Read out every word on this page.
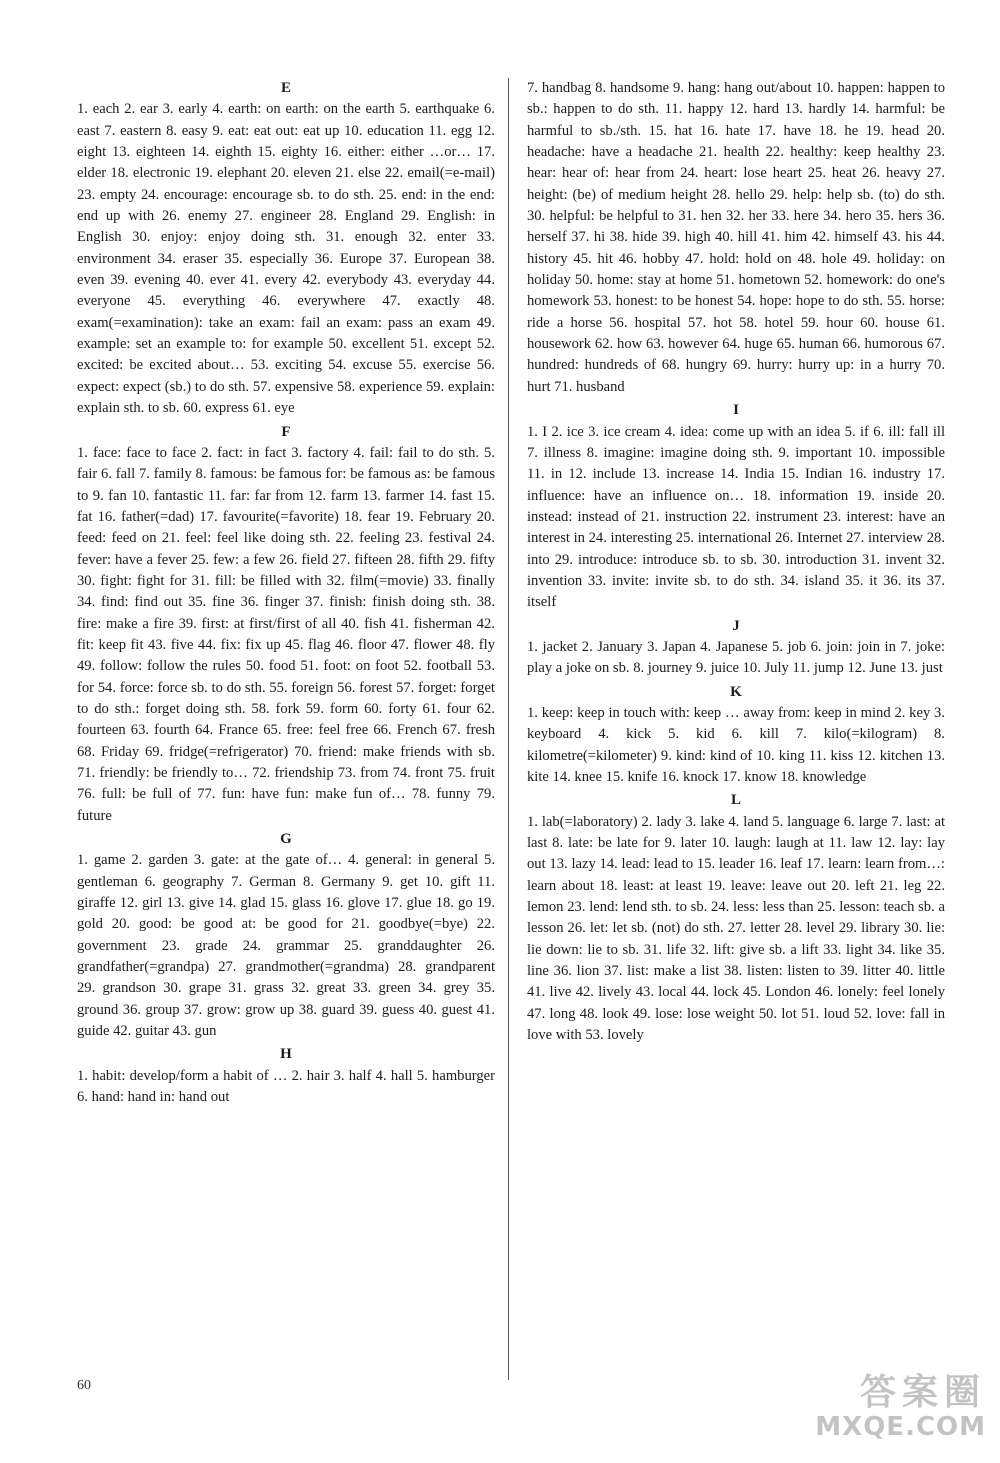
E

1. each 2. ear 3. early 4. earth: on earth: on the earth 5. earthquake 6. east 7. eastern 8. easy 9. eat: eat out: eat up 10. education 11. egg 12. eight 13. eighteen 14. eighth 15. eighty 16. either: either …or… 17. elder 18. electronic 19. elephant 20. eleven 21. else 22. email(=e-mail) 23. empty 24. encourage: encourage sb. to do sth. 25. end: in the end: end up with 26. enemy 27. engineer 28. England 29. English: in English 30. enjoy: enjoy doing sth. 31. enough 32. enter 33. environment 34. eraser 35. especially 36. Europe 37. European 38. even 39. evening 40. ever 41. every 42. everybody 43. everyday 44. everyone 45. everything 46. everywhere 47. exactly 48. exam(=examination): take an exam: fail an exam: pass an exam 49. example: set an example to: for example 50. excellent 51. except 52. excited: be excited about… 53. exciting 54. excuse 55. exercise 56. expect: expect (sb.) to do sth. 57. expensive 58. experience 59. explain: explain sth. to sb. 60. express 61. eye

F

1. face: face to face 2. fact: in fact 3. factory 4. fail: fail to do sth. 5. fair 6. fall 7. family 8. famous: be famous for: be famous as: be famous to 9. fan 10. fantastic 11. far: far from 12. farm 13. farmer 14. fast 15. fat 16. father(=dad) 17. favourite(=favorite) 18. fear 19. February 20. feed: feed on 21. feel: feel like doing sth. 22. feeling 23. festival 24. fever: have a fever 25. few: a few 26. field 27. fifteen 28. fifth 29. fifty 30. fight: fight for 31. fill: be filled with 32. film(=movie) 33. finally 34. find: find out 35. fine 36. finger 37. finish: finish doing sth. 38. fire: make a fire 39. first: at first/first of all 40. fish 41. fisherman 42. fit: keep fit 43. five 44. fix: fix up 45. flag 46. floor 47. flower 48. fly 49. follow: follow the rules 50. food 51. foot: on foot 52. football 53. for 54. force: force sb. to do sth. 55. foreign 56. forest 57. forget: forget to do sth.: forget doing sth. 58. fork 59. form 60. forty 61. four 62. fourteen 63. fourth 64. France 65. free: feel free 66. French 67. fresh 68. Friday 69. fridge(=refrigerator) 70. friend: make friends with sb. 71. friendly: be friendly to… 72. friendship 73. from 74. front 75. fruit 76. full: be full of 77. fun: have fun: make fun of… 78. funny 79. future

G

1. game 2. garden 3. gate: at the gate of… 4. general: in general 5. gentleman 6. geography 7. German 8. Germany 9. get 10. gift 11. giraffe 12. girl 13. give 14. glad 15. glass 16. glove 17. glue 18. go 19. gold 20. good: be good at: be good for 21. goodbye(=bye) 22. government 23. grade 24. grammar 25. granddaughter 26. grandfather(=grandpa) 27. grandmother(=grandma) 28. grandparent 29. grandson 30. grape 31. grass 32. great 33. green 34. grey 35. ground 36. group 37. grow: grow up 38. guard 39. guess 40. guest 41. guide 42. guitar 43. gun

H

1. habit: develop/form a habit of … 2. hair 3. half 4. hall 5. hamburger 6. hand: hand in: hand out

7. handbag 8. handsome 9. hang: hang out/about 10. happen: happen to sb.: happen to do sth. 11. happy 12. hard 13. hardly 14. harmful: be harmful to sb./sth. 15. hat 16. hate 17. have 18. he 19. head 20. headache: have a headache 21. health 22. healthy: keep healthy 23. hear: hear of: hear from 24. heart: lose heart 25. heat 26. heavy 27. height: (be) of medium height 28. hello 29. help: help sb. (to) do sth. 30. helpful: be helpful to 31. hen 32. her 33. here 34. hero 35. hers 36. herself 37. hi 38. hide 39. high 40. hill 41. him 42. himself 43. his 44. history 45. hit 46. hobby 47. hold: hold on 48. hole 49. holiday: on holiday 50. home: stay at home 51. hometown 52. homework: do one's homework 53. honest: to be honest 54. hope: hope to do sth. 55. horse: ride a horse 56. hospital 57. hot 58. hotel 59. hour 60. house 61. housework 62. how 63. however 64. huge 65. human 66. humorous 67. hundred: hundreds of 68. hungry 69. hurry: hurry up: in a hurry 70. hurt 71. husband

I

1. I 2. ice 3. ice cream 4. idea: come up with an idea 5. if 6. ill: fall ill 7. illness 8. imagine: imagine doing sth. 9. important 10. impossible 11. in 12. include 13. increase 14. India 15. Indian 16. industry 17. influence: have an influence on… 18. information 19. inside 20. instead: instead of 21. instruction 22. instrument 23. interest: have an interest in 24. interesting 25. international 26. Internet 27. interview 28. into 29. introduce: introduce sb. to sb. 30. introduction 31. invent 32. invention 33. invite: invite sb. to do sth. 34. island 35. it 36. its 37. itself

J

1. jacket 2. January 3. Japan 4. Japanese 5. job 6. join: join in 7. joke: play a joke on sb. 8. journey 9. juice 10. July 11. jump 12. June 13. just

K

1. keep: keep in touch with: keep … away from: keep in mind 2. key 3. keyboard 4. kick 5. kid 6. kill 7. kilo(=kilogram) 8. kilometre(=kilometer) 9. kind: kind of 10. king 11. kiss 12. kitchen 13. kite 14. knee 15. knife 16. knock 17. know 18. knowledge

L

1. lab(=laboratory) 2. lady 3. lake 4. land 5. language 6. large 7. last: at last 8. late: be late for 9. later 10. laugh: laugh at 11. law 12. lay: lay out 13. lazy 14. lead: lead to 15. leader 16. leaf 17. learn: learn from…: learn about 18. least: at least 19. leave: leave out 20. left 21. leg 22. lemon 23. lend: lend sth. to sb. 24. less: less than 25. lesson: teach sb. a lesson 26. let: let sb. (not) do sth. 27. letter 28. level 29. library 30. lie: lie down: lie to sb. 31. life 32. lift: give sb. a lift 33. light 34. like 35. line 36. lion 37. list: make a list 38. listen: listen to 39. litter 40. little 41. live 42. lively 43. local 44. lock 45. London 46. lonely: feel lonely 47. long 48. look 49. lose: lose weight 50. lot 51. loud 52. love: fall in love with 53. lovely

60	答案圈
MXQE.COM
